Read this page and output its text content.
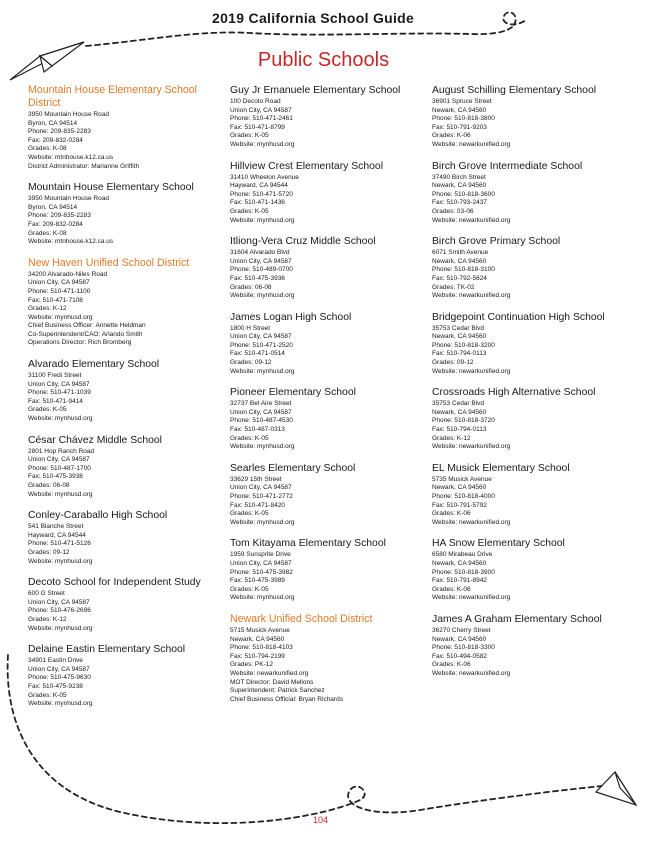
2019 California School Guide
Public Schools
Mountain House Elementary School District
3950 Mountain House Road
Byron, CA 94514
Phone: 209-835-2283
Fax: 209-832-0284
Grades: K-08
Website: mtnhouse.k12.ca.us
District Administrator: Marianne Griffith
Mountain House Elementary School
3950 Mountain House Road
Byron, CA 94514
Phone: 209-835-2283
Fax: 209-832-0284
Grades: K-08
Website: mtnhouse.k12.ca.us
New Haven Unified School District
34200 Alvarado-Niles Road
Union City, CA 94587
Phone: 510-471-1100
Fax: 510-471-7108
Grades: K-12
Website: mynhusd.org
Chief Business Officer: Annette Heldman
Co-Superintendent/CAO: Arlando Smith
Operations Director: Rich Bromberg
Alvarado Elementary School
31100 Fredi Street
Union City, CA 94587
Phone: 510-471-1039
Fax: 510-471-9414
Grades: K-05
Website: mynhusd.org
César Chávez Middle School
2801 Hop Ranch Road
Union City, CA 94587
Phone: 510-487-1700
Fax: 510-475-3938
Grades: 06-08
Website: mynhusd.org
Conley-Caraballo High School
541 Blanche Street
Hayward, CA 94544
Phone: 510-471-5126
Grades: 09-12
Website: mynhusd.org
Decoto School for Independent Study
600 G Street
Union City, CA 94587
Phone: 510-476-2696
Grades: K-12
Website: mynhusd.org
Delaine Eastin Elementary School
34901 Eastin Drive
Union City, CA 94587
Phone: 510-475-9630
Fax: 510-475-9238
Grades: K-05
Website: mynhusd.org
Guy Jr Emanuele Elementary School
100 Decoto Road
Union City, CA 94587
Phone: 510-471-2461
Fax: 510-471-8799
Grades: K-05
Website: mynhusd.org
Hillview Crest Elementary School
31410 Wheelon Avenue
Hayward, CA 94544
Phone: 510-471-5720
Fax: 510-471-1436
Grades: K-05
Website: mynhusd.org
Itliong-Vera Cruz Middle School
31604 Alvarado Blvd
Union City, CA 94587
Phone: 510-489-0700
Fax: 510-475-3936
Grades: 06-08
Website: mynhusd.org
James Logan High School
1800 H Street
Union City, CA 94587
Phone: 510-471-2520
Fax: 510-471-0514
Grades: 09-12
Website: mynhusd.org
Pioneer Elementary School
32737 Bel Aire Street
Union City, CA 94587
Phone: 510-487-4530
Fax: 510-487-0313
Grades: K-05
Website: mynhusd.org
Searles Elementary School
33629 15th Street
Union City, CA 94587
Phone: 510-471-2772
Fax: 510-471-8420
Grades: K-05
Website: mynhusd.org
Tom Kitayama Elementary School
1959 Sunsprite Drive
Union City, CA 94587
Phone: 510-475-3982
Fax: 510-475-3989
Grades: K-05
Website: mynhusd.org
Newark Unified School District
5715 Musick Avenue
Newark, CA 94560
Phone: 510-818-4103
Fax: 510-794-2199
Grades: PK-12
Website: newarkunified.org
MOT Director: David Mellons
Superintendent: Patrick Sanchez
Chief Business Official: Bryan Richards
August Schilling Elementary School
36901 Spruce Street
Newark, CA 94560
Phone: 510-818-3800
Fax: 510-791-9203
Grades: K-06
Website: newarkunified.org
Birch Grove Intermediate School
37490 Birch Street
Newark, CA 94560
Phone: 510-818-3600
Fax: 510-793-2437
Grades: 03-06
Website: newarkunified.org
Birch Grove Primary School
6071 Smith Avenue
Newark, CA 94560
Phone: 510-818-3100
Fax: 510-792-5624
Grades: TK-02
Website: newarkunified.org
Bridgepoint Continuation High School
35753 Cedar Blvd
Newark, CA 94560
Phone: 510-818-3200
Fax: 510-794-0113
Grades: 09-12
Website: newarkunified.org
Crossroads High Alternative School
35753 Cedar Blvd
Newark, CA 94560
Phone: 510-818-3720
Fax: 510-794-0113
Grades: K-12
Website: newarkunified.org
EL Musick Elementary School
5735 Musick Avenue
Newark, CA 94560
Phone: 510-818-4000
Fax: 510-791-5792
Grades: K-06
Website: newarkunified.org
HA Snow Elementary School
6580 Mirabeau Drive
Newark, CA 94560
Phone: 510-818-3900
Fax: 510-791-8942
Grades: K-06
Website: newarkunified.org
James A Graham Elementary School
36270 Cherry Street
Newark, CA 94560
Phone: 510-818-3300
Fax: 510-494-0582
Grades: K-06
Website: newarkunified.org
104
